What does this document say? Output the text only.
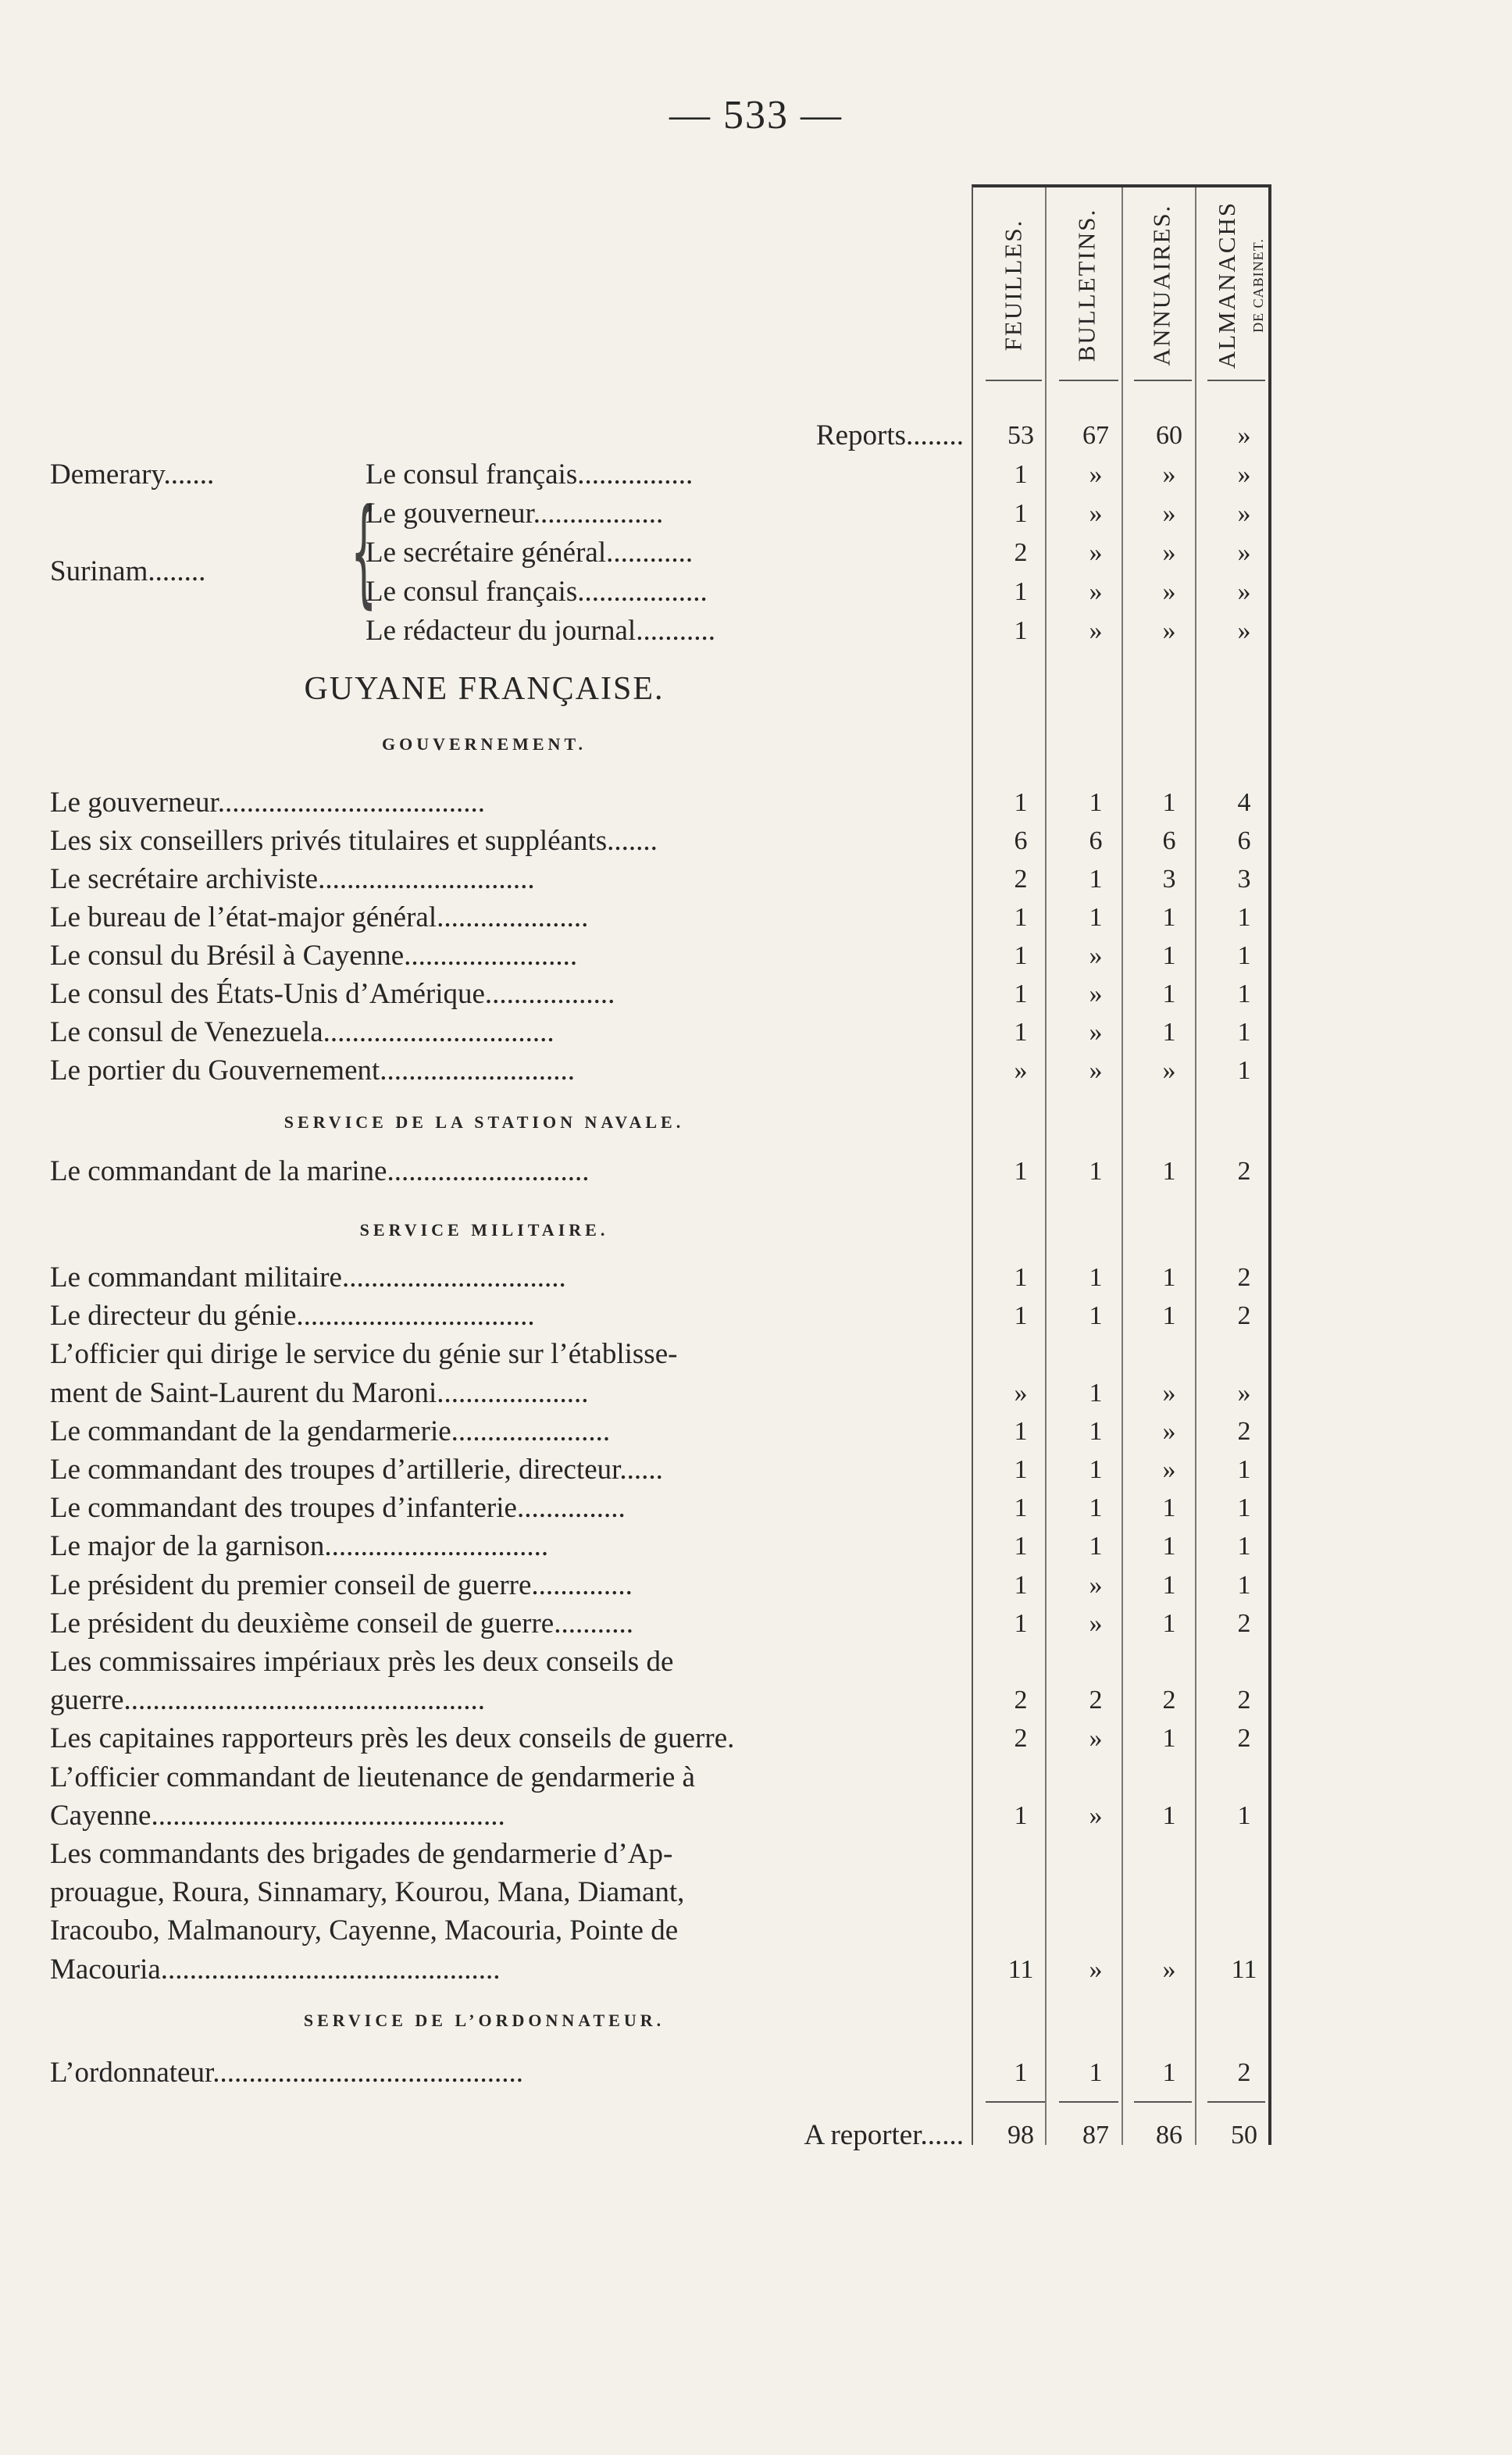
— 533 —
FEUILLES. BULLETINS. ANNUAIRES. ALMANACHS DE CABINET.
Reports........	53	67	60	»
Demerary.......	Le consul français................	1	»	»	»
Surinam........	{
Le gouverneur..................	1	»	»	»
Le secrétaire général............	2	»	»	»
Le consul français..................	1	»	»	»
Le rédacteur du journal...........	1	»	»	»
GUYANE FRANÇAISE.
GOUVERNEMENT.
SERVICE DE LA STATION NAVALE.
SERVICE MILITAIRE.
SERVICE DE L’ORDONNATEUR.
A reporter......	98	87	86	50
Le gouverneur.....................................	1	1	1	4
Les six conseillers privés titulaires et suppléants.......	6	6	6	6
Le secrétaire archiviste..............................	2	1	3	3
Le bureau de l’état-major général.....................	1	1	1	1
Le consul du Brésil à Cayenne........................	1	»	1	1
Le consul des États-Unis d’Amérique..................	1	»	1	1
Le consul de Venezuela................................	1	»	1	1
Le portier du Gouvernement...........................	»	»	»	1
Le commandant de la marine............................	1	1	1	2
Le commandant militaire...............................	1	1	1	2
Le directeur du génie.................................	1	1	1	2
L’officier qui dirige le service du génie sur l’établisse-
ment de Saint-Laurent du Maroni.....................	»	1	»	»
Le commandant de la gendarmerie......................	1	1	»	2
Le commandant des troupes d’artillerie, directeur......	1	1	»	1
Le commandant des troupes d’infanterie...............	1	1	1	1
Le major de la garnison...............................	1	1	1	1
Le président du premier conseil de guerre..............	1	»	1	1
Le président du deuxième conseil de guerre...........	1	»	1	2
Les commissaires impériaux près les deux conseils de
guerre..................................................	2	2	2	2
Les capitaines rapporteurs près les deux conseils de guerre.	2	»	1	2
L’officier commandant de lieutenance de gendarmerie à
Cayenne.................................................	1	»	1	1
Les commandants des brigades de gendarmerie d’Ap-
prouague, Roura, Sinnamary, Kourou, Mana, Diamant,
Iracoubo, Malmanoury, Cayenne, Macouria, Pointe de
Macouria...............................................	11	»	»	11
L’ordonnateur...........................................	1	1	1	2
